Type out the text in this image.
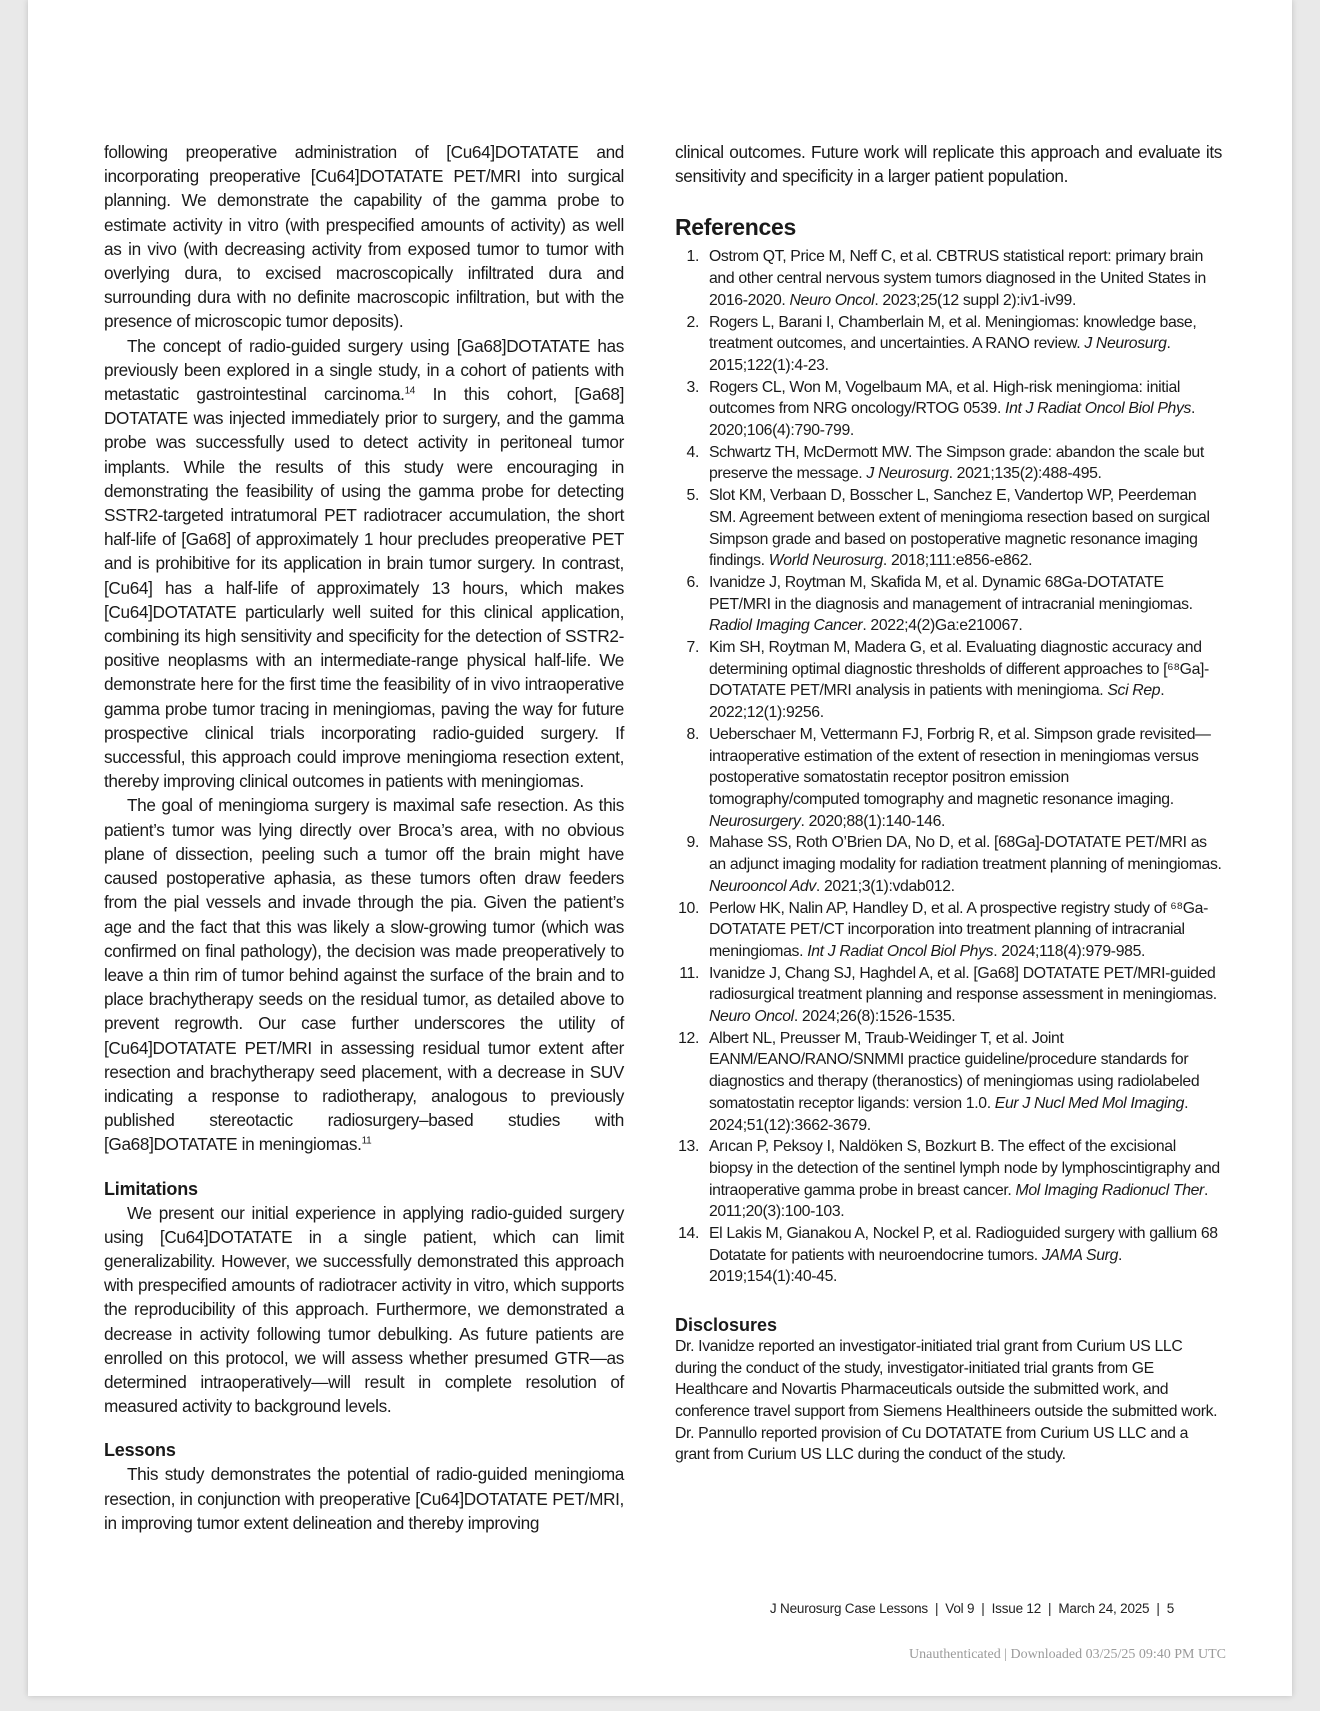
following preoperative administration of [Cu64]DOTATATE and incorporating preoperative [Cu64]DOTATATE PET/MRI into surgical planning. We demonstrate the capability of the gamma probe to estimate activity in vitro (with prespecified amounts of activity) as well as in vivo (with decreasing activity from exposed tumor to tumor with overlying dura, to excised macroscopically infiltrated dura and surrounding dura with no definite macroscopic infiltration, but with the presence of microscopic tumor deposits).

The concept of radio-guided surgery using [Ga68]DOTATATE has previously been explored in a single study, in a cohort of patients with metastatic gastrointestinal carcinoma.$^{14}$ In this cohort, [Ga68] DOTATATE was injected immediately prior to surgery, and the gamma probe was successfully used to detect activity in peritoneal tumor implants. While the results of this study were encouraging in demonstrating the feasibility of using the gamma probe for detecting SSTR2-targeted intratumoral PET radiotracer accumulation, the short half-life of [Ga68] of approximately 1 hour precludes preoperative PET and is prohibitive for its application in brain tumor surgery. In contrast, [Cu64] has a half-life of approximately 13 hours, which makes [Cu64]DOTATATE particularly well suited for this clinical application, combining its high sensitivity and specificity for the detection of SSTR2-positive neoplasms with an intermediate-range physical half-life. We demonstrate here for the first time the feasibility of in vivo intraoperative gamma probe tumor tracing in meningiomas, paving the way for future prospective clinical trials incorporating radio-guided surgery. If successful, this approach could improve meningioma resection extent, thereby improving clinical outcomes in patients with meningiomas.

The goal of meningioma surgery is maximal safe resection. As this patient’s tumor was lying directly over Broca’s area, with no obvious plane of dissection, peeling such a tumor off the brain might have caused postoperative aphasia, as these tumors often draw feeders from the pial vessels and invade through the pia. Given the patient’s age and the fact that this was likely a slow-growing tumor (which was confirmed on final pathology), the decision was made preoperatively to leave a thin rim of tumor behind against the surface of the brain and to place brachytherapy seeds on the residual tumor, as detailed above to prevent regrowth. Our case further underscores the utility of [Cu64]DOTATATE PET/MRI in assessing residual tumor extent after resection and brachytherapy seed placement, with a decrease in SUV indicating a response to radiotherapy, analogous to previously published stereotactic radiosurgery–based studies with [Ga68]DOTATATE in meningiomas.$^{11}$

Limitations

We present our initial experience in applying radio-guided surgery using [Cu64]DOTATATE in a single patient, which can limit generalizability. However, we successfully demonstrated this approach with prespecified amounts of radiotracer activity in vitro, which supports the reproducibility of this approach. Furthermore, we demonstrated a decrease in activity following tumor debulking. As future patients are enrolled on this protocol, we will assess whether presumed GTR—as determined intraoperatively—will result in complete resolution of measured activity to background levels.

Lessons

This study demonstrates the potential of radio-guided meningioma resection, in conjunction with preoperative [Cu64]DOTATATE PET/MRI, in improving tumor extent delineation and thereby improving

clinical outcomes. Future work will replicate this approach and evaluate its sensitivity and specificity in a larger patient population.

References
1. Ostrom QT, Price M, Neff C, et al. CBTRUS statistical report: primary brain and other central nervous system tumors diagnosed in the United States in 2016-2020. Neuro Oncol. 2023;25(12 suppl 2):iv1-iv99.
2. Rogers L, Barani I, Chamberlain M, et al. Meningiomas: knowledge base, treatment outcomes, and uncertainties. A RANO review. J Neurosurg. 2015;122(1):4-23.
3. Rogers CL, Won M, Vogelbaum MA, et al. High-risk meningioma: initial outcomes from NRG oncology/RTOG 0539. Int J Radiat Oncol Biol Phys. 2020;106(4):790-799.
4. Schwartz TH, McDermott MW. The Simpson grade: abandon the scale but preserve the message. J Neurosurg. 2021;135(2):488-495.
5. Slot KM, Verbaan D, Bosscher L, Sanchez E, Vandertop WP, Peerdeman SM. Agreement between extent of meningioma resection based on surgical Simpson grade and based on postoperative magnetic resonance imaging findings. World Neurosurg. 2018;111:e856-e862.
6. Ivanidze J, Roytman M, Skafida M, et al. Dynamic 68Ga-DOTATATE PET/MRI in the diagnosis and management of intracranial meningiomas. Radiol Imaging Cancer. 2022;4(2)Ga:e210067.
7. Kim SH, Roytman M, Madera G, et al. Evaluating diagnostic accuracy and determining optimal diagnostic thresholds of different approaches to [⁶⁸Ga]-DOTATATE PET/MRI analysis in patients with meningioma. Sci Rep. 2022;12(1):9256.
8. Ueberschaer M, Vettermann FJ, Forbrig R, et al. Simpson grade revisited—intraoperative estimation of the extent of resection in meningiomas versus postoperative somatostatin receptor positron emission tomography/computed tomography and magnetic resonance imaging. Neurosurgery. 2020;88(1):140-146.
9. Mahase SS, Roth O’Brien DA, No D, et al. [68Ga]-DOTATATE PET/MRI as an adjunct imaging modality for radiation treatment planning of meningiomas. Neurooncol Adv. 2021;3(1):vdab012.
10. Perlow HK, Nalin AP, Handley D, et al. A prospective registry study of ⁶⁸Ga-DOTATATE PET/CT incorporation into treatment planning of intracranial meningiomas. Int J Radiat Oncol Biol Phys. 2024;118(4):979-985.
11. Ivanidze J, Chang SJ, Haghdel A, et al. [Ga68] DOTATATE PET/MRI-guided radiosurgical treatment planning and response assessment in meningiomas. Neuro Oncol. 2024;26(8):1526-1535.
12. Albert NL, Preusser M, Traub-Weidinger T, et al. Joint EANM/EANO/RANO/SNMMI practice guideline/procedure standards for diagnostics and therapy (theranostics) of meningiomas using radiolabeled somatostatin receptor ligands: version 1.0. Eur J Nucl Med Mol Imaging. 2024;51(12):3662-3679.
13. Arıcan P, Peksoy I, Naldöken S, Bozkurt B. The effect of the excisional biopsy in the detection of the sentinel lymph node by lymphoscintigraphy and intraoperative gamma probe in breast cancer. Mol Imaging Radionucl Ther. 2011;20(3):100-103.
14. El Lakis M, Gianakou A, Nockel P, et al. Radioguided surgery with gallium 68 Dotatate for patients with neuroendocrine tumors. JAMA Surg. 2019;154(1):40-45.
Disclosures

Dr. Ivanidze reported an investigator-initiated trial grant from Curium US LLC during the conduct of the study, investigator-initiated trial grants from GE Healthcare and Novartis Pharmaceuticals outside the submitted work, and conference travel support from Siemens Healthineers outside the submitted work. Dr. Pannullo reported provision of Cu DOTATATE from Curium US LLC and a grant from Curium US LLC during the conduct of the study.

J Neurosurg Case Lessons | Vol 9 | Issue 12 | March 24, 2025 | 5
Unauthenticated | Downloaded 03/25/25 09:40 PM UTC
